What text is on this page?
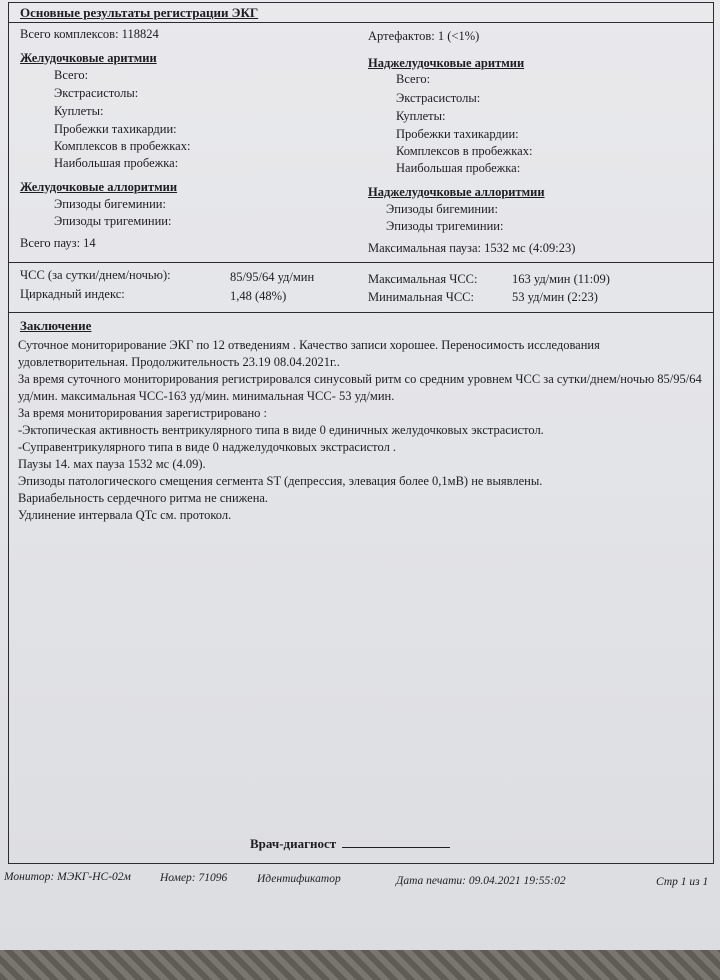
Основные результаты регистрации ЭКГ
Всего комплексов: 118824	Артефактов: 1 (<1%)
Желудочковые аритмии
Всего:
Экстрасистолы:
Куплеты:
Пробежки тахикардии:
Комплексов в пробежках:
Наибольшая пробежка:
Наджелудочковые аритмии
Всего:
Экстрасистолы:
Куплеты:
Пробежки тахикардии:
Комплексов в пробежках:
Наибольшая пробежка:
Желудочковые аллоритмии
Эпизоды бигеминии:
Эпизоды тригеминии:
Наджелудочковые аллоритмии
Эпизоды бигеминии:
Эпизоды тригеминии:
Всего пауз: 14	Максимальная пауза: 1532 мс (4:09:23)
ЧСС (за сутки/днем/ночью):	85/95/64 уд/мин
Циркадный индекс:	1,48 (48%)
Максимальная ЧСС:	163 уд/мин (11:09)
Минимальная ЧСС:	53 уд/мин (2:23)
Заключение

Суточное мониторирование ЭКГ по 12 отведениям . Качество записи хорошее. Переносимость исследования удовлетворительная. Продолжительность 23.19 08.04.2021г..

За время суточного мониторирования регистрировался синусовый ритм со средним уровнем ЧСС за сутки/днем/ночью 85/95/64 уд/мин. максимальная ЧСС-163 уд/мин. минимальная ЧСС- 53 уд/мин.

За время мониторирования зарегистрировано :

-Эктопическая активность вентрикулярного типа в виде 0 единичных желудочковых экстрасистол.

-Суправентрикулярного типа в виде 0 наджелудочковых экстрасистол .

Паузы 14. мах пауза 1532 мс (4.09).

Эпизоды патологического смещения сегмента ST (депрессия, элевация более 0,1мВ) не выявлены.

Вариабельность сердечного ритма не снижена.

Удлинение интервала QTc см. протокол.

Врач-диагност
Монитор: МЭКГ-НС-02м	Номер: 71096	Идентификатор	Дата печати: 09.04.2021 19:55:02	Стр 1 из 1
